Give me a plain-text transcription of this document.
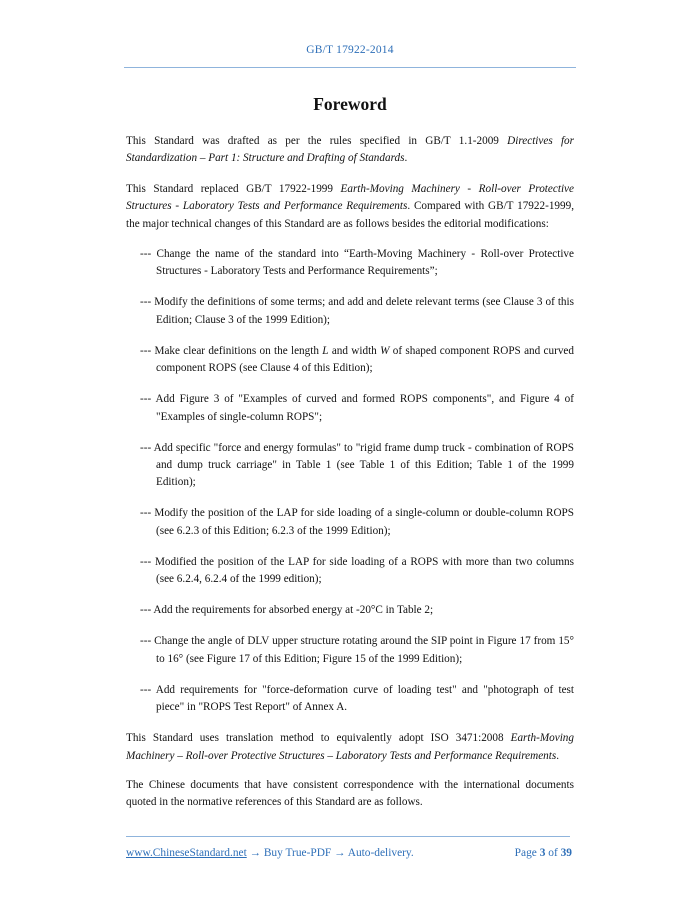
GB/T 17922-2014
Foreword

This Standard was drafted as per the rules specified in GB/T 1.1-2009 Directives for Standardization – Part 1: Structure and Drafting of Standards.

This Standard replaced GB/T 17922-1999 Earth-Moving Machinery - Roll-over Protective Structures - Laboratory Tests and Performance Requirements. Compared with GB/T 17922-1999, the major technical changes of this Standard are as follows besides the editorial modifications:

--- Change the name of the standard into “Earth-Moving Machinery - Roll-over Protective Structures - Laboratory Tests and Performance Requirements”;

--- Modify the definitions of some terms; and add and delete relevant terms (see Clause 3 of this Edition; Clause 3 of the 1999 Edition);

--- Make clear definitions on the length L and width W of shaped component ROPS and curved component ROPS (see Clause 4 of this Edition);

--- Add Figure 3 of "Examples of curved and formed ROPS components", and Figure 4 of "Examples of single-column ROPS";

--- Add specific "force and energy formulas" to "rigid frame dump truck - combination of ROPS and dump truck carriage" in Table 1 (see Table 1 of this Edition; Table 1 of the 1999 Edition);

--- Modify the position of the LAP for side loading of a single-column or double-column ROPS (see 6.2.3 of this Edition; 6.2.3 of the 1999 Edition);

--- Modified the position of the LAP for side loading of a ROPS with more than two columns (see 6.2.4, 6.2.4 of the 1999 edition);

--- Add the requirements for absorbed energy at -20°C in Table 2;

--- Change the angle of DLV upper structure rotating around the SIP point in Figure 17 from 15° to 16° (see Figure 17 of this Edition; Figure 15 of the 1999 Edition);

--- Add requirements for "force-deformation curve of loading test" and "photograph of test piece" in "ROPS Test Report" of Annex A.

This Standard uses translation method to equivalently adopt ISO 3471:2008 Earth-Moving Machinery – Roll-over Protective Structures – Laboratory Tests and Performance Requirements.

The Chinese documents that have consistent correspondence with the international documents quoted in the normative references of this Standard are as follows.

www.ChineseStandard.net → Buy True-PDF → Auto-delivery.	Page 3 of 39
